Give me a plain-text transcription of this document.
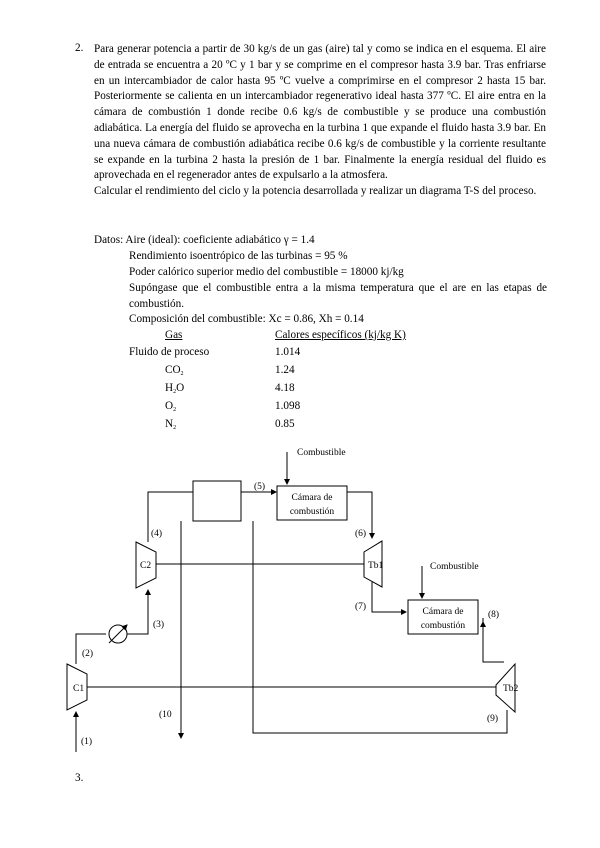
2. Para generar potencia a partir de 30 kg/s de un gas (aire) tal y como se indica en el esquema. El aire de entrada se encuentra a 20 ºC y 1 bar y se comprime en el compresor hasta 3.9 bar. Tras enfriarse en un intercambiador de calor hasta 95 ºC vuelve a comprimirse en el compresor 2 hasta 15 bar. Posteriormente se calienta en un intercambiador regenerativo ideal hasta 377 ºC. El aire entra en la cámara de combustión 1 donde recibe 0.6 kg/s de combustible y se produce una combustión adiabática. La energía del fluido se aprovecha en la turbina 1 que expande el fluido hasta 3.9 bar. En una nueva cámara de combustión adiabática recibe 0.6 kg/s de combustible y la corriente resultante se expande en la turbina 2 hasta la presión de 1 bar. Finalmente la energía residual del fluido es aprovechada en el regenerador antes de expulsarlo a la atmosfera.

Calcular el rendimiento del ciclo y la potencia desarrollada y realizar un diagrama T-S del proceso.

Datos: Aire (ideal): coeficiente adiabático γ = 1.4
Rendimiento isoentrópico de las turbinas = 95 %
Poder calórico superior medio del combustible = 18000 kj/kg
Supóngase que el combustible entra a la misma temperatura que el are en las etapas de combustión.
Composición del combustible: Xc = 0.86, Xh = 0.14
Gas	Calores específicos (kj/kg K)
Fluido de proceso	1.014
$CO_2$	1.24
$H_2O$	4.18
$O_2$	1.098
$N_2$	0.85
Combustible
Combustible
Cámara de
combustión
Cámara de
combustión
C1
C2	Tb1
Tb2
(1)
(2)
(3)
(4)
(5)
(6)
(7)
(8)
(9)
(10
3.
